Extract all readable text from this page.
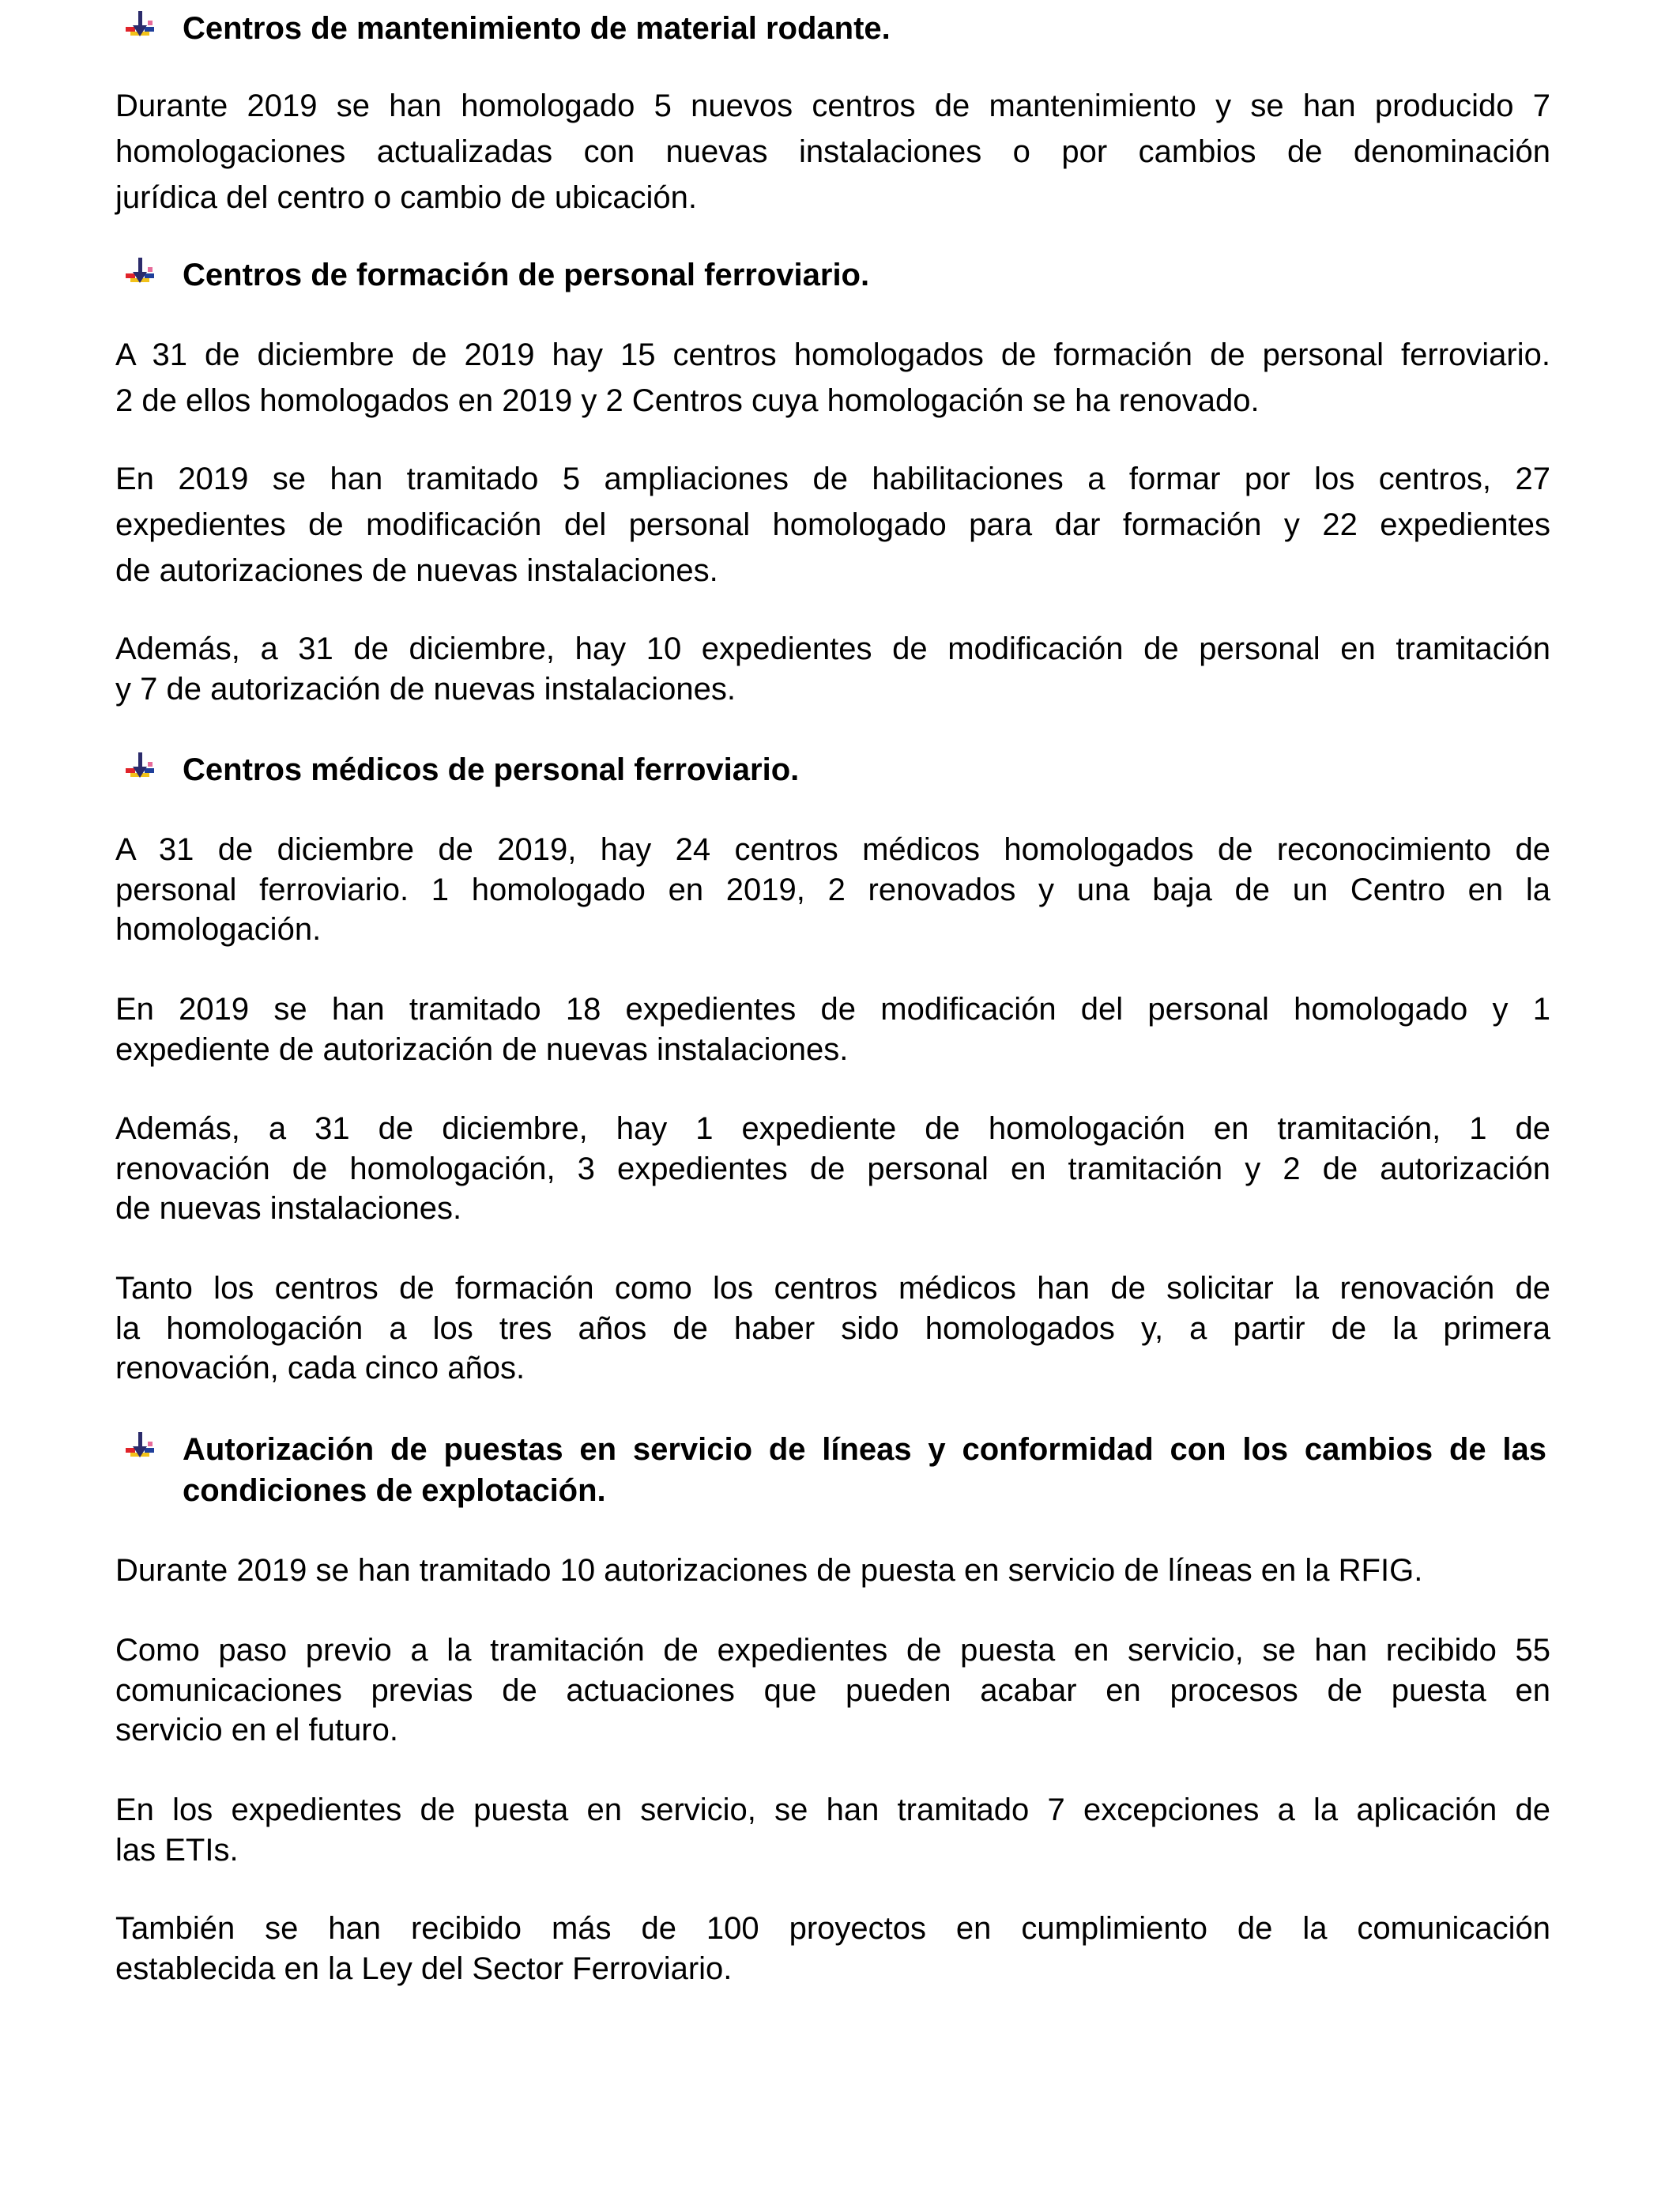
Centros de mantenimiento de material rodante.
Durante 2019 se han homologado 5 nuevos centros de mantenimiento y se han producido 7
homologaciones actualizadas con nuevas instalaciones o por cambios de denominación
jurídica del centro o cambio de ubicación.
Centros de formación de personal ferroviario.
A 31 de diciembre de 2019 hay 15 centros homologados de formación de personal ferroviario.
2 de ellos homologados en 2019 y 2 Centros cuya homologación se ha renovado.
En 2019 se han tramitado 5 ampliaciones de habilitaciones a formar por los centros, 27
expedientes de modificación del personal homologado para dar formación y 22 expedientes
de autorizaciones de nuevas instalaciones.
Además, a 31 de diciembre, hay 10 expedientes de modificación de personal en tramitación
y 7 de autorización de nuevas instalaciones.
Centros médicos de personal ferroviario.
A 31 de diciembre de 2019, hay 24 centros médicos homologados de reconocimiento de
personal ferroviario. 1 homologado en 2019, 2 renovados y una baja de un Centro en la
homologación.
En 2019 se han tramitado 18 expedientes de modificación del personal homologado y 1
expediente de autorización de nuevas instalaciones.
Además, a 31 de diciembre, hay 1 expediente de homologación en tramitación, 1 de
renovación de homologación, 3 expedientes de personal en tramitación y 2 de autorización
de nuevas instalaciones.
Tanto los centros de formación como los centros médicos han de solicitar la renovación de
la homologación a los tres años de haber sido homologados y, a partir de la primera
renovación, cada cinco años.
Autorización de puestas en servicio de líneas y conformidad con los cambios de las condiciones de explotación.
Durante 2019 se han tramitado 10 autorizaciones de puesta en servicio de líneas en la RFIG.
Como paso previo a la tramitación de expedientes de puesta en servicio, se han recibido 55
comunicaciones previas de actuaciones que pueden acabar en procesos de puesta en
servicio en el futuro.
En los expedientes de puesta en servicio, se han tramitado 7 excepciones a la aplicación de
las ETIs.
También se han recibido más de 100 proyectos en cumplimiento de la comunicación
establecida en la Ley del Sector Ferroviario.
